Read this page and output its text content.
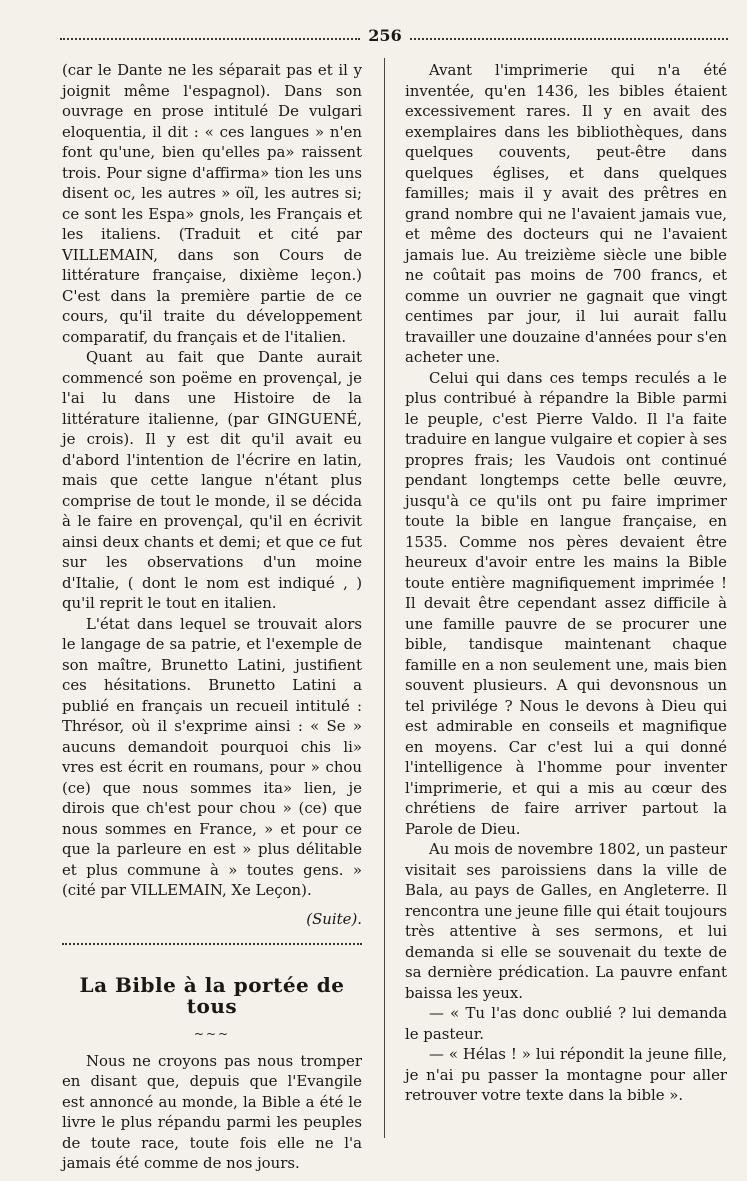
256

(car le Dante ne les séparait pas et il y joignit même l'espagnol). Dans son ouvrage en prose intitulé De vulgari eloquentia, il dit : « ces langues » n'en font qu'une, bien qu'elles pa» raissent trois. Pour signe d'affirma» tion les uns disent oc, les autres » oïl, les autres si; ce sont les Espa» gnols, les Français et les italiens. (Traduit et cité par VILLEMAIN, dans son Cours de littérature française, dixième leçon.) C'est dans la première partie de ce cours, qu'il traite du développement comparatif, du français et de l'italien.

Quant au fait que Dante aurait commencé son poëme en provençal, je l'ai lu dans une Histoire de la littérature italienne, (par GINGUENÉ, je crois). Il y est dit qu'il avait eu d'abord l'intention de l'écrire en latin, mais que cette langue n'étant plus comprise de tout le monde, il se décida à le faire en provençal, qu'il en écrivit ainsi deux chants et demi; et que ce fut sur les observations d'un moine d'Italie, ( dont le nom est indiqué , ) qu'il reprit le tout en italien.

L'état dans lequel se trouvait alors le langage de sa patrie, et l'exemple de son maître, Brunetto Latini, justifient ces hésitations. Brunetto Latini a publié en français un recueil intitulé : Thrésor, où il s'exprime ainsi : « Se » aucuns demandoit pourquoi chis li» vres est écrit en roumans, pour » chou (ce) que nous sommes ita» lien, je dirois que ch'est pour chou » (ce) que nous sommes en France, » et pour ce que la parleure en est » plus délitable et plus commune à » toutes gens. » (cité par VILLEMAIN, Xe Leçon).

(Suite).
La Bible à la portée de tous
~~~

Nous ne croyons pas nous tromper en disant que, depuis que l'Evangile est annoncé au monde, la Bible a été le livre le plus répandu parmi les peuples de toute race, toute fois elle ne l'a jamais été comme de nos jours.

Avant l'imprimerie qui n'a été inventée, qu'en 1436, les bibles étaient excessivement rares. Il y en avait des exemplaires dans les bibliothèques, dans quelques couvents, peut-être dans quelques églises, et dans quelques familles; mais il y avait des prêtres en grand nombre qui ne l'avaient jamais vue, et même des docteurs qui ne l'avaient jamais lue. Au treizième siècle une bible ne coûtait pas moins de 700 francs, et comme un ouvrier ne gagnait que vingt centimes par jour, il lui aurait fallu travailler une douzaine d'années pour s'en acheter une.

Celui qui dans ces temps reculés a le plus contribué à répandre la Bible parmi le peuple, c'est Pierre Valdo. Il l'a faite traduire en langue vulgaire et copier à ses propres frais; les Vaudois ont continué pendant longtemps cette belle œuvre, jusqu'à ce qu'ils ont pu faire imprimer toute la bible en langue française, en 1535. Comme nos pères devaient être heureux d'avoir entre les mains la Bible toute entière magnifiquement imprimée ! Il devait être cependant assez difficile à une famille pauvre de se procurer une bible, tandisque maintenant chaque famille en a non seulement une, mais bien souvent plusieurs. A qui devonsnous un tel privilége ? Nous le devons à Dieu qui est admirable en conseils et magnifique en moyens. Car c'est lui a qui donné l'intelligence à l'homme pour inventer l'imprimerie, et qui a mis au cœur des chrétiens de faire arriver partout la Parole de Dieu.

Au mois de novembre 1802, un pasteur visitait ses paroissiens dans la ville de Bala, au pays de Galles, en Angleterre. Il rencontra une jeune fille qui était toujours très attentive à ses sermons, et lui demanda si elle se souvenait du texte de sa dernière prédication. La pauvre enfant baissa les yeux.

— « Tu l'as donc oublié ? lui demanda le pasteur.

— « Hélas ! » lui répondit la jeune fille, je n'ai pu passer la montagne pour aller retrouver votre texte dans la bible ».
